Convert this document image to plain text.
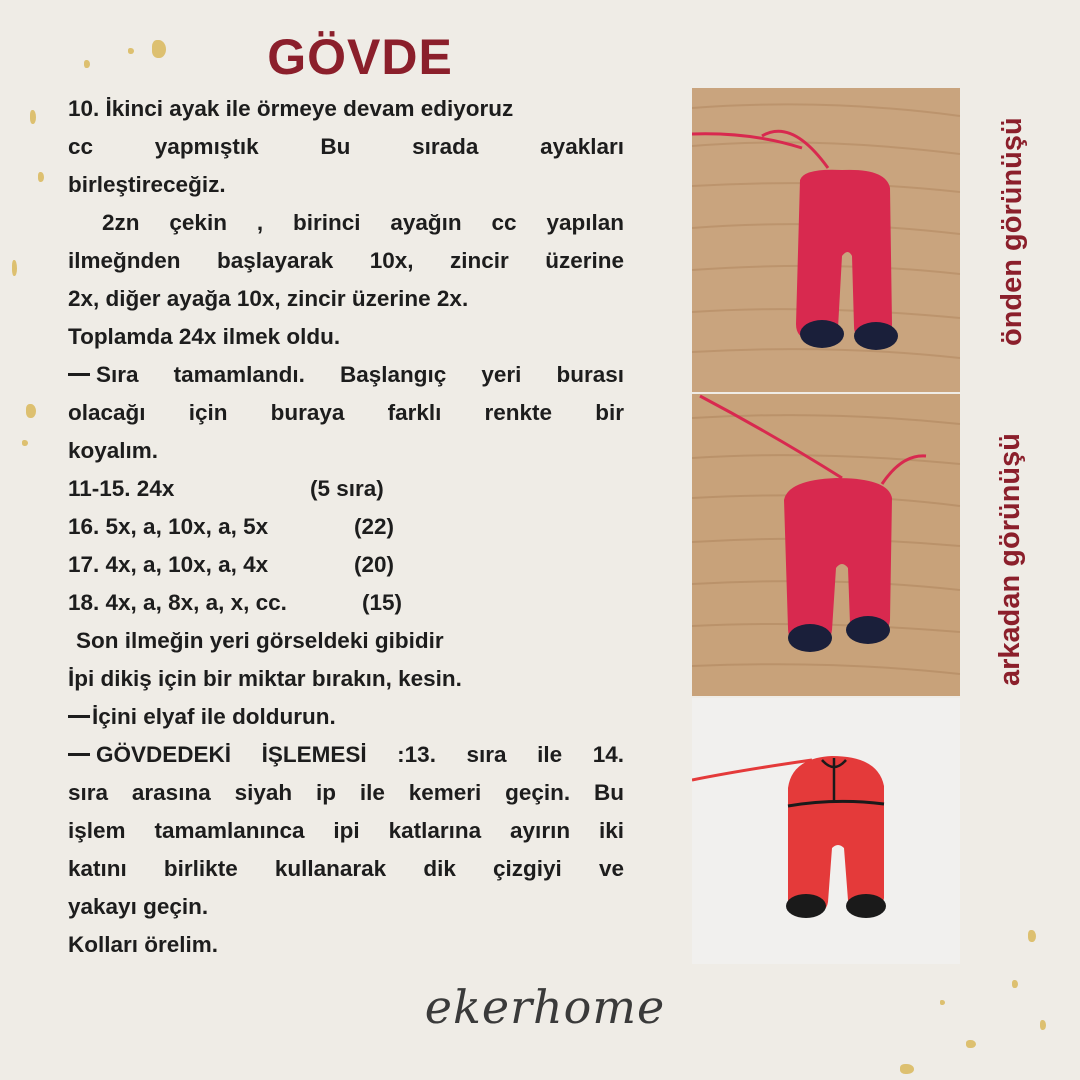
GÖVDE
10. İkinci ayak ile örmeye devam ediyoruz
cc yapmıştık Bu sırada ayakları
birleştireceğiz.
2zn çekin , birinci ayağın cc yapılan
ilmeğnden başlayarak 10x, zincir üzerine
2x, diğer ayağa 10x, zincir üzerine 2x.
Toplamda 24x ilmek oldu.
Sıra tamamlandı. Başlangıç yeri burası
olacağı için buraya farklı renkte bir
koyalım.
11-15. 24x	(5 sıra)
16. 5x, a, 10x, a, 5x	(22)
17. 4x, a, 10x, a, 4x	(20)
18. 4x, a, 8x, a, x, cc.	(15)
Son ilmeğin yeri görseldeki gibidir
İpi dikiş için bir miktar bırakın, kesin.
İçini elyaf ile doldurun.
GÖVDEDEKİ İŞLEMESİ :13. sıra ile 14.
sıra arasına siyah ip ile kemeri geçin. Bu
işlem tamamlanınca ipi katlarına ayırın iki
katını birlikte kullanarak dik çizgiyi ve
yakayı geçin.
Kolları örelim.
önden görünüşü
arkadan görünüşü
ekerhome
